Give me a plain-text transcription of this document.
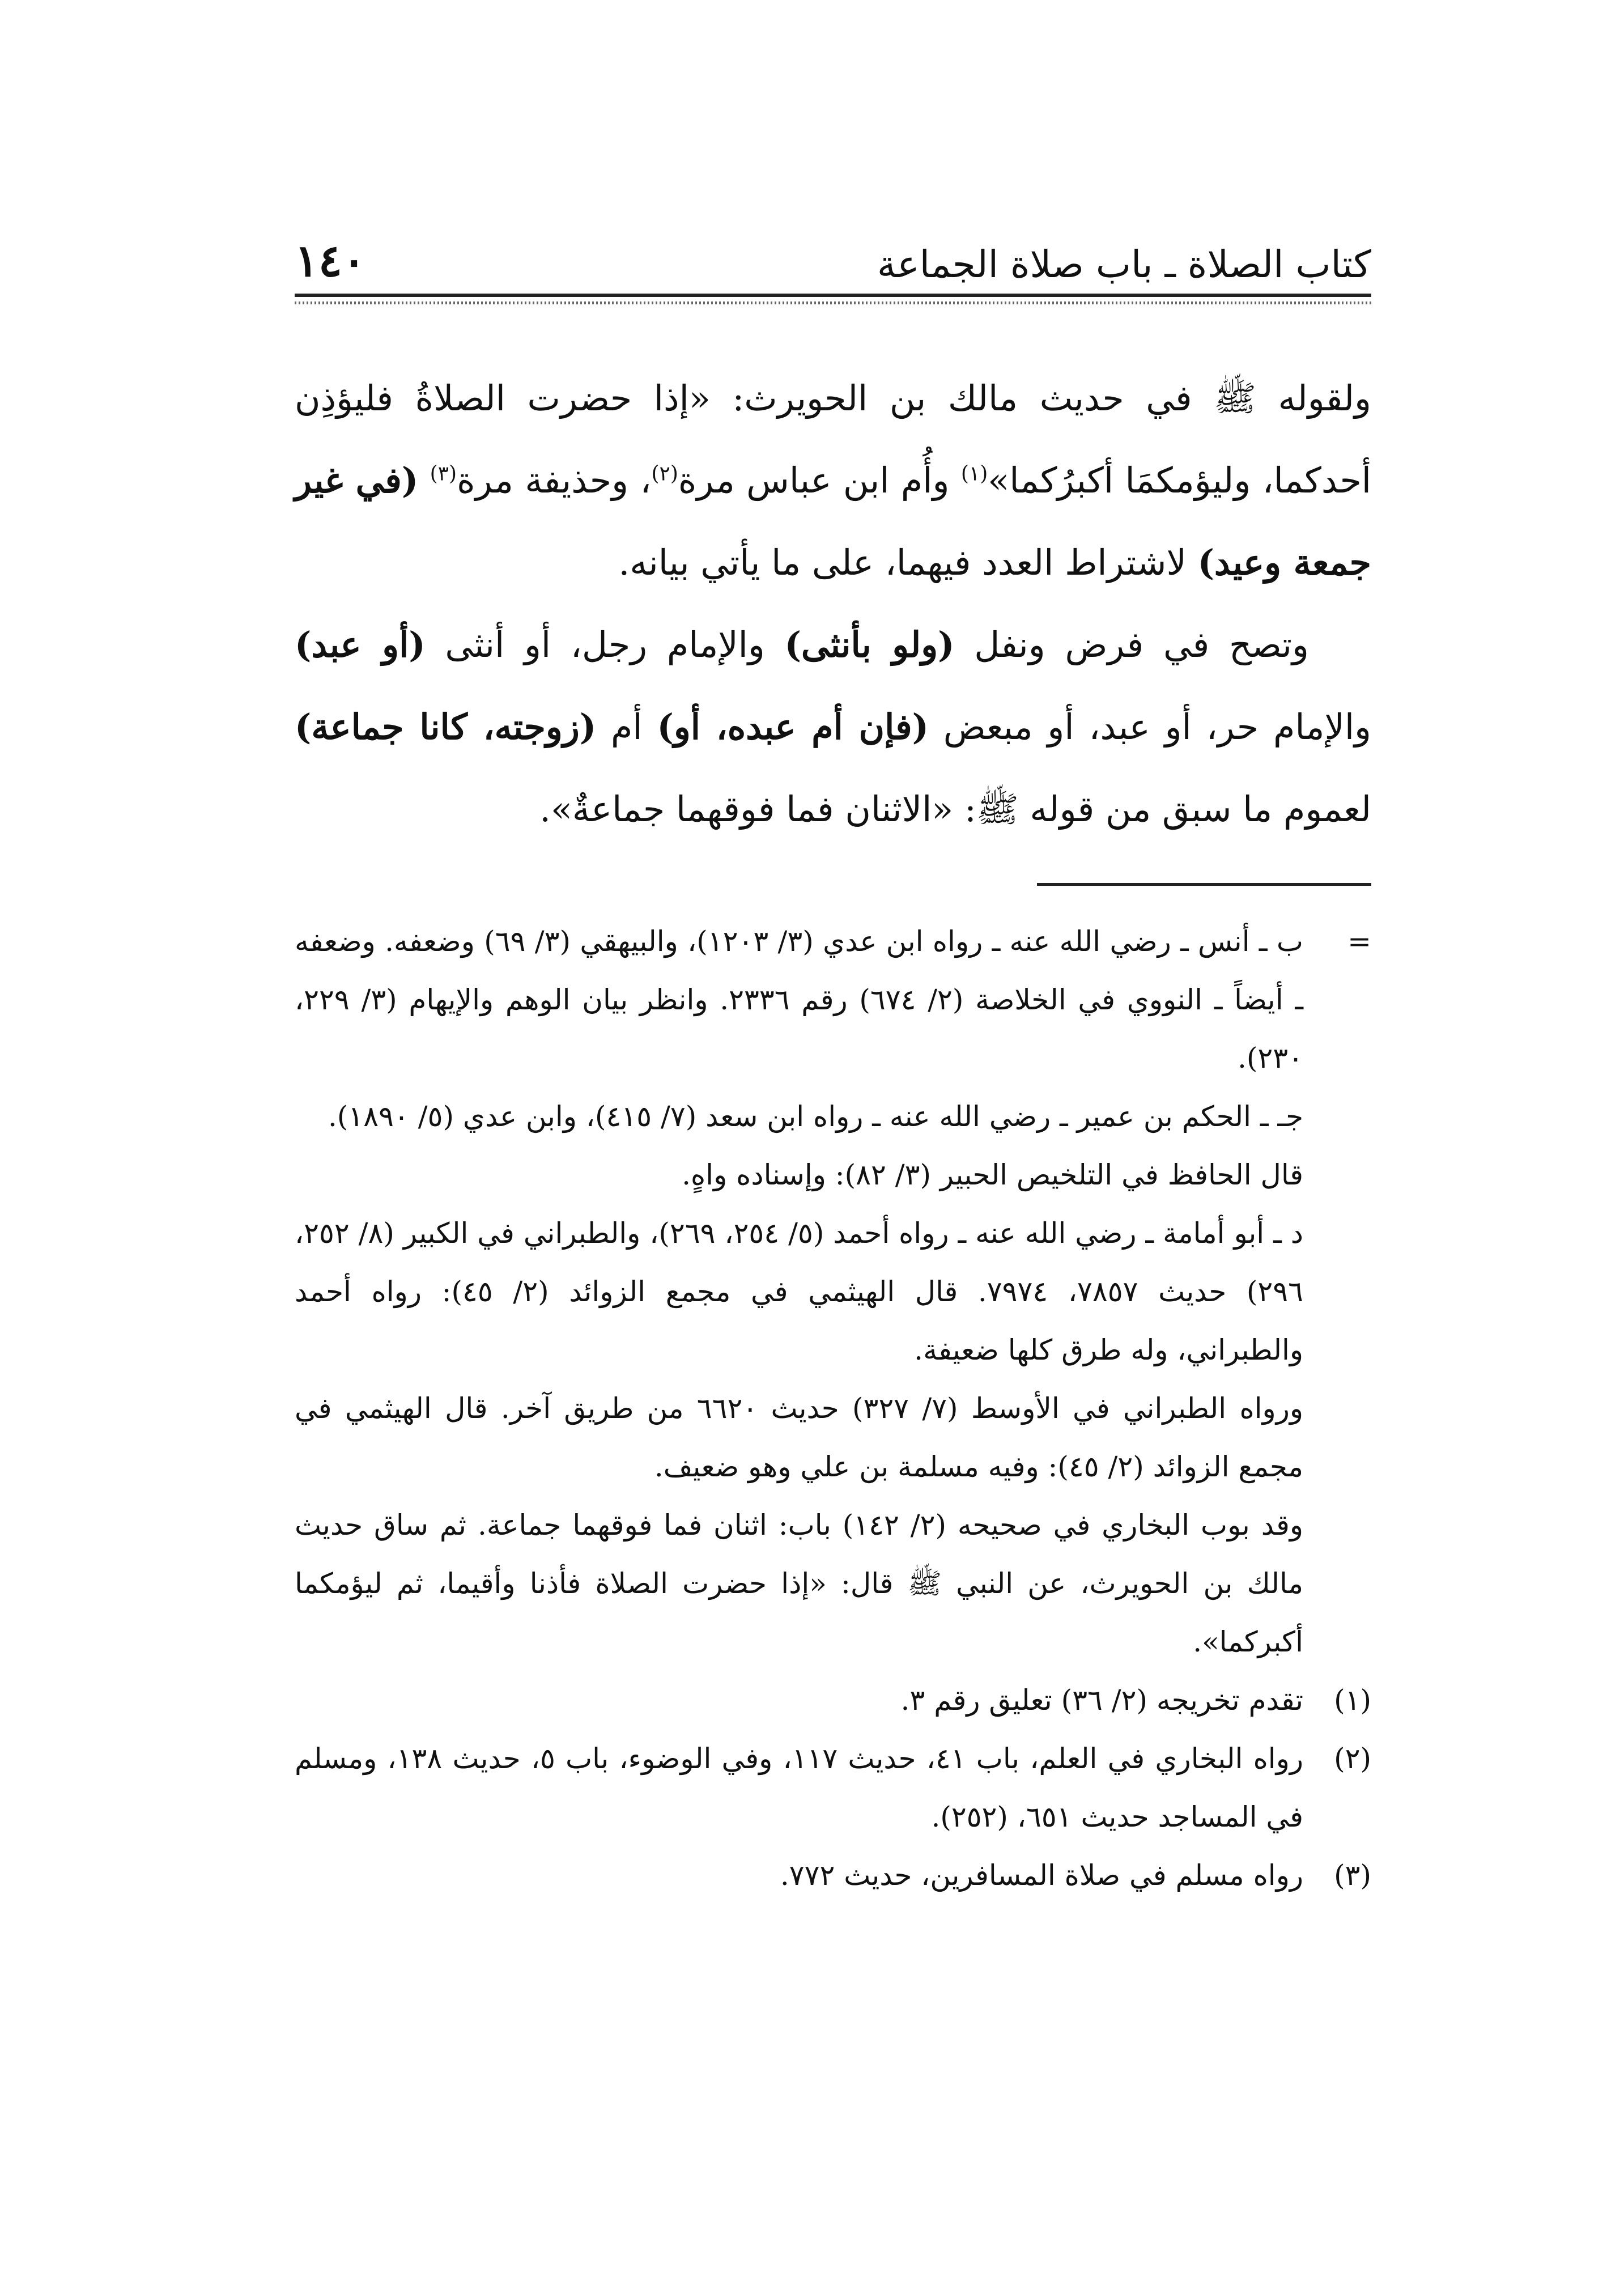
كتاب الصلاة ـ باب صلاة الجماعة
١٤٠

ولقوله ﷺ في حديث مالك بن الحويرث: «إذا حضرت الصلاةُ فليؤذِن أحدكما، وليؤمكمَا أكبرُكما»$^{(١)}$ وأُم ابن عباس مرة$^{(٢)}$، وحذيفة مرة$^{(٣)}$ (في غير جمعة وعيد) لاشتراط العدد فيهما، على ما يأتي بيانه.

وتصح في فرض ونفل (ولو بأنثى) والإمام رجل، أو أنثى (أو عبد) والإمام حر، أو عبد، أو مبعض (فإن أم عبده، أو) أم (زوجته، كانا جماعة) لعموم ما سبق من قوله ﷺ: «الاثنان فما فوقهما جماعةٌ».

=

ب ـ أنس ـ رضي الله عنه ـ رواه ابن عدي (٣/ ١٢٠٣)، والبيهقي (٣/ ٦٩) وضعفه. وضعفه ـ أيضاً ـ النووي في الخلاصة (٢/ ٦٧٤) رقم ٢٣٣٦. وانظر بيان الوهم والإيهام (٣/ ٢٢٩، ٢٣٠).

جـ ـ الحكم بن عمير ـ رضي الله عنه ـ رواه ابن سعد (٧/ ٤١٥)، وابن عدي (٥/ ١٨٩٠).

قال الحافظ في التلخيص الحبير (٣/ ٨٢): وإسناده واهٍ.

د ـ أبو أمامة ـ رضي الله عنه ـ رواه أحمد (٥/ ٢٥٤، ٢٦٩)، والطبراني في الكبير (٨/ ٢٥٢، ٢٩٦) حديث ٧٨٥٧، ٧٩٧٤. قال الهيثمي في مجمع الزوائد (٢/ ٤٥): رواه أحمد والطبراني، وله طرق كلها ضعيفة.

ورواه الطبراني في الأوسط (٧/ ٣٢٧) حديث ٦٦٢٠ من طريق آخر. قال الهيثمي في مجمع الزوائد (٢/ ٤٥): وفيه مسلمة بن علي وهو ضعيف.

وقد بوب البخاري في صحيحه (٢/ ١٤٢) باب: اثنان فما فوقهما جماعة. ثم ساق حديث مالك بن الحويرث، عن النبي ﷺ قال: «إذا حضرت الصلاة فأذنا وأقيما، ثم ليؤمكما أكبركما».

(١)
تقدم تخريجه (٢/ ٣٦) تعليق رقم ٣.
(٢)
رواه البخاري في العلم، باب ٤١، حديث ١١٧، وفي الوضوء، باب ٥، حديث ١٣٨، ومسلم في المساجد حديث ٦٥١، (٢٥٢).
(٣)
رواه مسلم في صلاة المسافرين، حديث ٧٧٢.
